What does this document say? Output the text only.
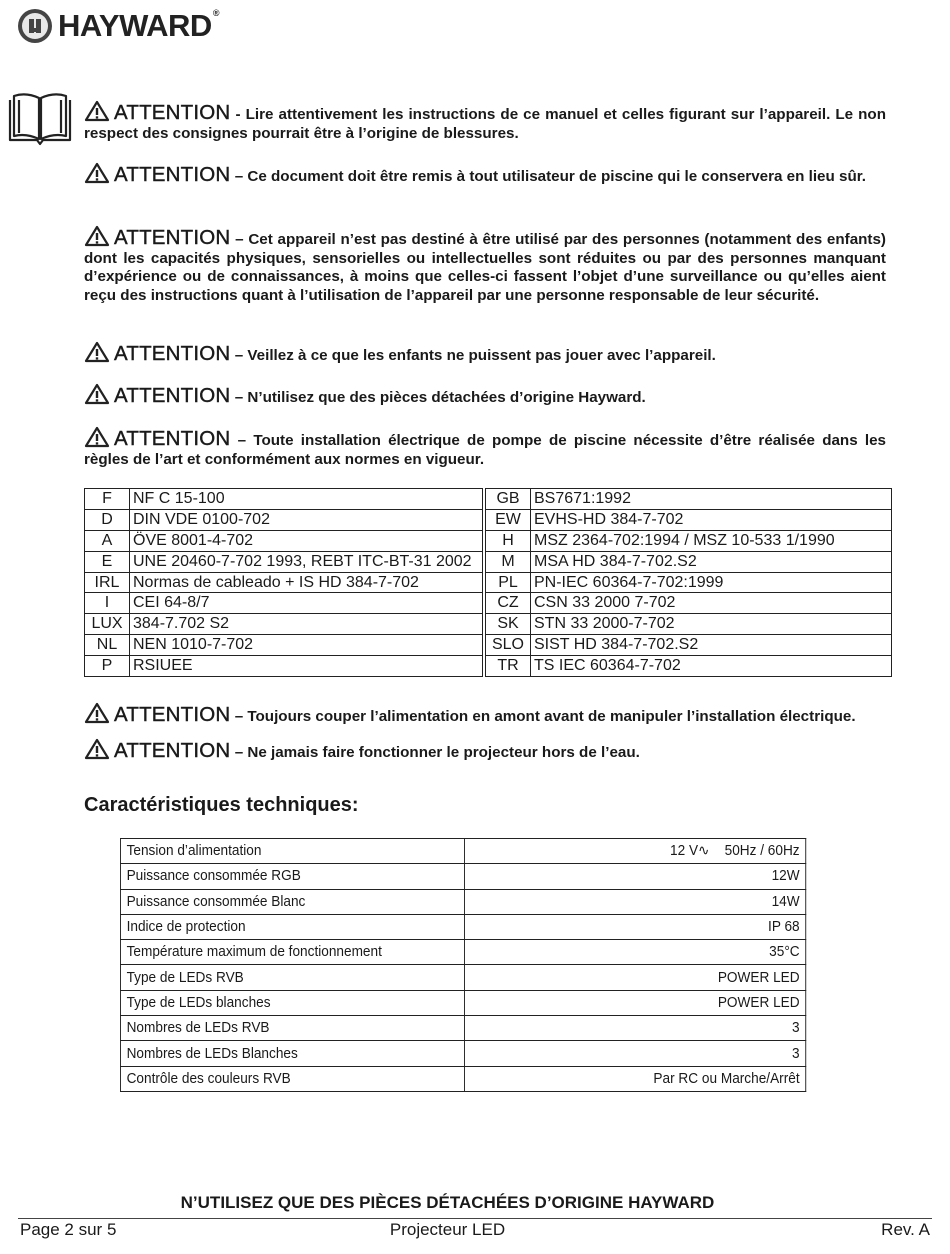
HAYWARD®
ATTENTION - Lire attentivement les instructions de ce manuel et celles figurant sur l’appareil. Le non respect des consignes pourrait être à l’origine de blessures.
ATTENTION – Ce document doit être remis à tout utilisateur de piscine qui le conservera en lieu sûr.
ATTENTION – Cet appareil n’est pas destiné à être utilisé par des personnes (notamment des enfants) dont les capacités physiques, sensorielles ou intellectuelles sont réduites ou par des personnes manquant d’expérience ou de connaissances, à moins que celles-ci fassent l’objet d’une surveillance ou qu’elles aient reçu des instructions quant à l’utilisation de l’appareil par une personne responsable de leur sécurité.
ATTENTION – Veillez à ce que les enfants ne puissent pas jouer avec l’appareil.
ATTENTION – N’utilisez que des pièces détachées d’origine Hayward.
ATTENTION – Toute installation électrique de pompe de piscine nécessite d’être réalisée dans les règles de l’art et conformément aux normes en vigueur.
F	NF C 15-100		GB	BS7671:1992
D	DIN VDE 0100-702		EW	EVHS-HD 384-7-702
A	ÖVE 8001-4-702		H	MSZ 2364-702:1994 / MSZ 10-533 1/1990
E	UNE 20460-7-702 1993, REBT ITC-BT-31 2002		M	MSA HD 384-7-702.S2
IRL	Normas de cableado + IS HD 384-7-702		PL	PN-IEC 60364-7-702:1999
I	CEI 64-8/7		CZ	CSN 33 2000 7-702
LUX	384-7.702 S2		SK	STN 33 2000-7-702
NL	NEN 1010-7-702		SLO	SIST HD 384-7-702.S2
P	RSIUEE		TR	TS IEC 60364-7-702
ATTENTION – Toujours couper l’alimentation en amont avant de manipuler l’installation électrique.
ATTENTION – Ne jamais faire fonctionner le projecteur hors de l’eau.
Caractéristiques techniques:
Tension d’alimentation	12 V∿    50Hz / 60Hz
Puissance consommée RGB	12W
Puissance consommée Blanc	14W
Indice de protection	IP 68
Température maximum de fonctionnement	35°C
Type de LEDs RVB	POWER LED
Type de LEDs blanches	POWER LED
Nombres de LEDs RVB	3
Nombres de LEDs Blanches	3
Contrôle des couleurs RVB	Par RC ou Marche/Arrêt
N’UTILISEZ QUE DES PIÈCES DÉTACHÉES D’ORIGINE HAYWARD
Page 2 sur 5	Projecteur LED	Rev. A
